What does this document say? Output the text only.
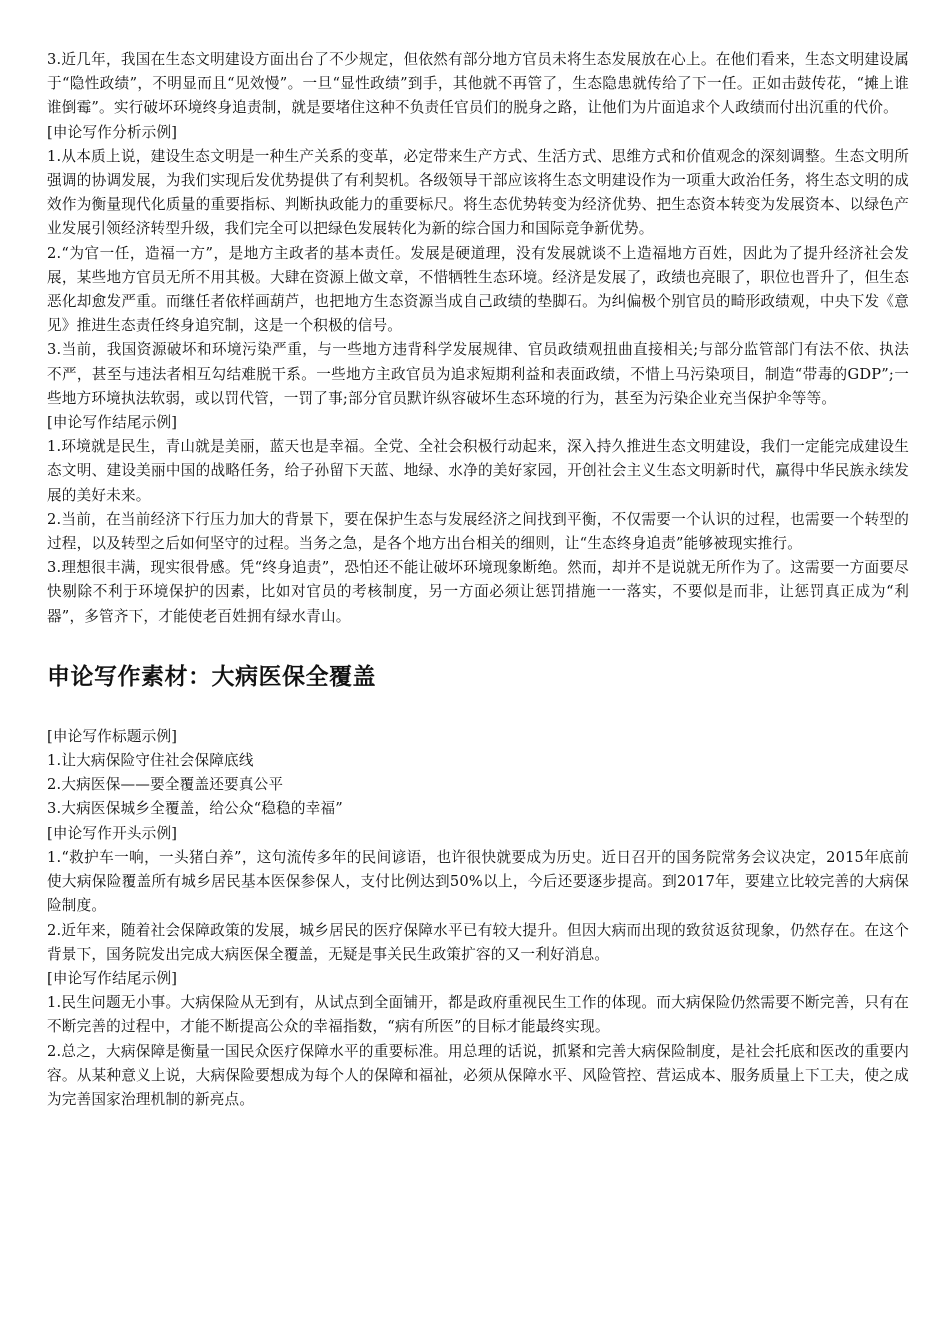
3.近几年，我国在生态文明建设方面出台了不少规定，但依然有部分地方官员未将生态发展放在心上。在他们看来，生态文明建设属于“隐性政绩”，不明显而且“见效慢”。一旦“显性政绩”到手，其他就不再管了，生态隐患就传给了下一任。正如击鼓传花，“摊上谁谁倒霉”。实行破坏环境终身追责制，就是要堵住这种不负责任官员们的脱身之路，让他们为片面追求个人政绩而付出沉重的代价。

[申论写作分析示例]

1.从本质上说，建设生态文明是一种生产关系的变革，必定带来生产方式、生活方式、思维方式和价值观念的深刻调整。生态文明所强调的协调发展，为我们实现后发优势提供了有利契机。各级领导干部应该将生态文明建设作为一项重大政治任务，将生态文明的成效作为衡量现代化质量的重要指标、判断执政能力的重要标尺。将生态优势转变为经济优势、把生态资本转变为发展资本、以绿色产业发展引领经济转型升级，我们完全可以把绿色发展转化为新的综合国力和国际竞争新优势。

2.“为官一任，造福一方”，是地方主政者的基本责任。发展是硬道理，没有发展就谈不上造福地方百姓，因此为了提升经济社会发展，某些地方官员无所不用其极。大肆在资源上做文章，不惜牺牲生态环境。经济是发展了，政绩也亮眼了，职位也晋升了，但生态恶化却愈发严重。而继任者依样画葫芦，也把地方生态资源当成自己政绩的垫脚石。为纠偏极个别官员的畸形政绩观，中央下发《意见》推进生态责任终身追究制，这是一个积极的信号。

3.当前，我国资源破坏和环境污染严重，与一些地方违背科学发展规律、官员政绩观扭曲直接相关;与部分监管部门有法不依、执法不严，甚至与违法者相互勾结难脱干系。一些地方主政官员为追求短期利益和表面政绩，不惜上马污染项目，制造“带毒的GDP”;一些地方环境执法软弱，或以罚代管，一罚了事;部分官员默许纵容破坏生态环境的行为，甚至为污染企业充当保护伞等等。

[申论写作结尾示例]

1.环境就是民生，青山就是美丽，蓝天也是幸福。全党、全社会积极行动起来，深入持久推进生态文明建设，我们一定能完成建设生态文明、建设美丽中国的战略任务，给子孙留下天蓝、地绿、水净的美好家园，开创社会主义生态文明新时代，赢得中华民族永续发展的美好未来。

2.当前，在当前经济下行压力加大的背景下，要在保护生态与发展经济之间找到平衡，不仅需要一个认识的过程，也需要一个转型的过程，以及转型之后如何坚守的过程。当务之急，是各个地方出台相关的细则，让“生态终身追责”能够被现实推行。

3.理想很丰满，现实很骨感。凭“终身追责”，恐怕还不能让破坏环境现象断绝。然而，却并不是说就无所作为了。这需要一方面要尽快剔除不利于环境保护的因素，比如对官员的考核制度，另一方面必须让惩罚措施一一落实，不要似是而非，让惩罚真正成为“利器”，多管齐下，才能使老百姓拥有绿水青山。

申论写作素材：大病医保全覆盖

[申论写作标题示例]

1.让大病保险守住社会保障底线

2.大病医保——要全覆盖还要真公平

3.大病医保城乡全覆盖，给公众“稳稳的幸福”

[申论写作开头示例]

1.“救护车一响，一头猪白养”，这句流传多年的民间谚语，也许很快就要成为历史。近日召开的国务院常务会议决定，2015年底前使大病保险覆盖所有城乡居民基本医保参保人，支付比例达到50%以上，今后还要逐步提高。到2017年，要建立比较完善的大病保险制度。

2.近年来，随着社会保障政策的发展，城乡居民的医疗保障水平已有较大提升。但因大病而出现的致贫返贫现象，仍然存在。在这个背景下，国务院发出完成大病医保全覆盖，无疑是事关民生政策扩容的又一利好消息。

[申论写作结尾示例]

1.民生问题无小事。大病保险从无到有，从试点到全面铺开，都是政府重视民生工作的体现。而大病保险仍然需要不断完善，只有在不断完善的过程中，才能不断提高公众的幸福指数，“病有所医”的目标才能最终实现。

2.总之，大病保障是衡量一国民众医疗保障水平的重要标准。用总理的话说，抓紧和完善大病保险制度，是社会托底和医改的重要内容。从某种意义上说，大病保险要想成为每个人的保障和福祉，必须从保障水平、风险管控、营运成本、服务质量上下工夫，使之成为完善国家治理机制的新亮点。
